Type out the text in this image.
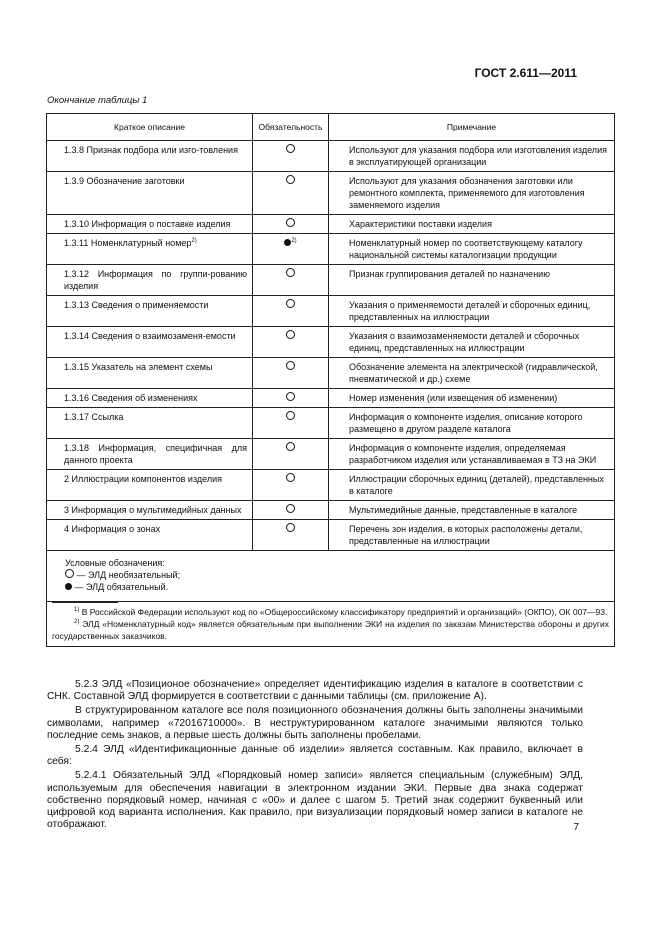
ГОСТ 2.611—2011
Окончание таблицы 1
Краткое описание	Обязательность	Примечание

1.3.8 Признак подбора или изго-товления		Используют для указания подбора или изготовления изделия в эксплуатирующей организации

1.3.9 Обозначение заготовки		Используют для указания обозначения заготовки или ремонтного комплекта, применяемого для изготовления заменяемого изделия

1.3.10 Информация о поставке изделия		Характеристики поставки изделия

1.3.11 Номенклатурный номер$^{2)}$	$^{2)}$	Номенклатурный номер по соответствующему каталогу национальной системы каталогизации продукции

1.3.12 Информация по группи-рованию изделия		Признак группирования деталей по назначению

1.3.13 Сведения о применяемости		Указания о применяемости деталей и сборочных единиц, представленных на иллюстрации

1.3.14 Сведения о взаимозаменя-емости		Указания о взаимозаменяемости деталей и сборочных единиц, представленных на иллюстрации

1.3.15 Указатель на элемент схемы		Обозначение элемента на электрической (гидравлической, пневматической и др.) схеме

1.3.16 Сведения об изменениях		Номер изменения (или извещения об изменении)

1.3.17 Ссылка		Информация о компоненте изделия, описание которого размещено в другом разделе каталога

1.3.18 Информация, специфичная для данного проекта		Информация о компоненте изделия, определяемая разработчиком изделия или устанавливаемая в ТЗ на ЭКИ

2 Иллюстрации компонентов изделия		Иллюстрации сборочных единиц (деталей), представленных в каталоге

3 Информация о мультимедийных данных		Мультимедийные данные, представленные в каталоге

4 Информация о зонах		Перечень зон изделия, в которых расположены детали, представленные на иллюстрации

Условные обозначения:
— ЭЛД необязательный;
— ЭЛД обязательный.		

$^{1)}$ В Российской Федерации используют код по «Общероссийскому классификатору предприятий и организаций» (ОКПО), ОК 007—93.
$^{2)}$ ЭЛД «Номенклатурный код» является обязательным при выполнении ЭКИ на изделия по заказам Министерства обороны и других государственных заказчиков.		

5.2.3 ЭЛД «Позиционое обозначение» определяет идентификацию изделия в каталоге в соответствии с СНК. Составной ЭЛД формируется в соответствии с данными таблицы (см. приложение А).

В структурированном каталоге все поля позиционного обозначения должны быть заполнены значимыми символами, например «72016710000». В неструктурированном каталоге значимыми являются только последние семь знаков, а первые шесть должны быть заполнены пробелами.

5.2.4 ЭЛД «Идентификационные данные об изделии» является составным. Как правило, включает в себя:

5.2.4.1 Обязательный ЭЛД «Порядковый номер записи» является специальным (служебным) ЭЛД, используемым для обеспечения навигации в электронном издании ЭКИ. Первые два знака содержат собственно порядковый номер, начиная с «00» и далее с шагом 5. Третий знак содержит буквенный или цифровой код варианта исполнения. Как правило, при визуализации порядковый номер записи в каталоге не отображают.	7
